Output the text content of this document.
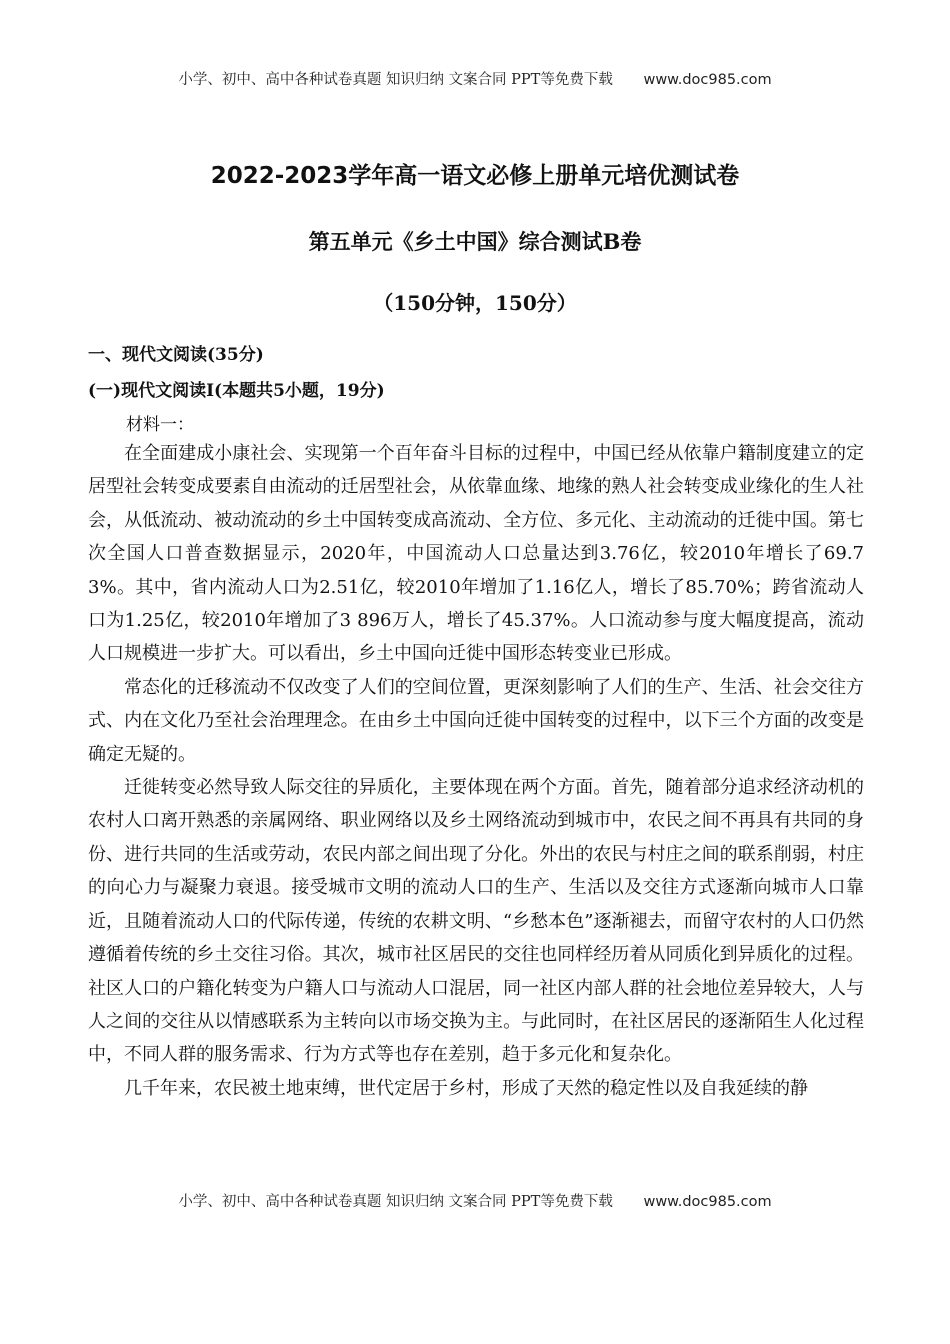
小学、初中、高中各种试卷真题 知识归纳 文案合同 PPT等免费下载 www.doc985.com
2022-2023学年高一语文必修上册单元培优测试卷
第五单元《乡土中国》综合测试B卷
（150分钟，150分）
一、现代文阅读(35分)
(一)现代文阅读Ⅰ(本题共5小题，19分)
材料一：

在全面建成小康社会、实现第一个百年奋斗目标的过程中，中国已经从依靠户籍制度建立的定居型社会转变成要素自由流动的迁居型社会，从依靠血缘、地缘的熟人社会转变成业缘化的生人社会，从低流动、被动流动的乡土中国转变成高流动、全方位、多元化、主动流动的迁徙中国。第七次全国人口普查数据显示，2020年，中国流动人口总量达到3.76亿，较2010年增长了69.73%。其中，省内流动人口为2.51亿，较2010年增加了1.16亿人，增长了85.70%；跨省流动人口为1.25亿，较2010年增加了3 896万人，增长了45.37%。人口流动参与度大幅度提高，流动人口规模进一步扩大。可以看出，乡土中国向迁徙中国形态转变业已形成。

常态化的迁移流动不仅改变了人们的空间位置，更深刻影响了人们的生产、生活、社会交往方式、内在文化乃至社会治理理念。在由乡土中国向迁徙中国转变的过程中，以下三个方面的改变是确定无疑的。

迁徙转变必然导致人际交往的异质化，主要体现在两个方面。首先，随着部分追求经济动机的农村人口离开熟悉的亲属网络、职业网络以及乡土网络流动到城市中，农民之间不再具有共同的身份、进行共同的生活或劳动，农民内部之间出现了分化。外出的农民与村庄之间的联系削弱，村庄的向心力与凝聚力衰退。接受城市文明的流动人口的生产、生活以及交往方式逐渐向城市人口靠近，且随着流动人口的代际传递，传统的农耕文明、“乡愁本色”逐渐褪去，而留守农村的人口仍然遵循着传统的乡土交往习俗。其次，城市社区居民的交往也同样经历着从同质化到异质化的过程。社区人口的户籍化转变为户籍人口与流动人口混居，同一社区内部人群的社会地位差异较大，人与人之间的交往从以情感联系为主转向以市场交换为主。与此同时，在社区居民的逐渐陌生人化过程中，不同人群的服务需求、行为方式等也存在差别，趋于多元化和复杂化。

几千年来，农民被土地束缚，世代定居于乡村，形成了天然的稳定性以及自我延续的静

小学、初中、高中各种试卷真题 知识归纳 文案合同 PPT等免费下载 www.doc985.com
